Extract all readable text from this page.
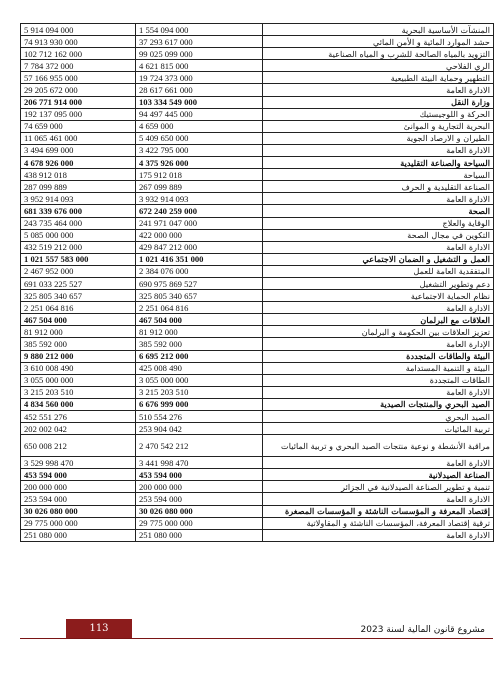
5 914 094 000	1 554 094 000	المنشآت الأساسية البحرية
74 913 930 000	37 293 617 000	حشد الموارد المائية و الأمن المائي
102 712 162 000	99 025 099 000	التزويد بالمياه الصالحة للشرب و المياه الصناعية
7 784 372 000	4 621 815 000	الري الفلاحي
57 166 955 000	19 724 373 000	التطهير وحماية البيئة الطبيعية
29 205 672 000	28 617 661 000	الادارة العامة
206 771 914 000	103 334 549 000	وزارة النقل
192 137 095 000	94 497 445 000	الحركة و اللوجيستيك
74 659 000	4 659 000	البحرية التجارية و الموانئ
11 065 461 000	5 409 650 000	الطيران و الارصاد الجوية
3 494 699 000	3 422 795 000	الادارة العامة
4 678 926 000	4 375 926 000	السياحة والصناعة التقليدية
438 912 018	175 912 018	السياحة
287 099 889	267 099 889	الصناعة التقليدية و الحرف
3 952 914 093	3 932 914 093	الادارة العامة
681 339 676 000	672 240 259 000	الصحة
243 735 464 000	241 971 047 000	الوقاية والعلاج
5 085 000 000	422 000 000	التكوين في مجال الصحة
432 519 212 000	429 847 212 000	الادارة العامة
1 021 557 583 000	1 021 416 351 000	العمل و التشغيل و الضمان الاجتماعي
2 467 952 000	2 384 076 000	المتفقدية العامة للعمل
691 033 225 527	690 975 869 527	دعم وتطوير التشغيل
325 805 340 657	325 805 340 657	نظام الحماية الاجتماعية
2 251 064 816	2 251 064 816	الادارة العامة
467 504 000	467 504 000	العلاقات مع البرلمان
81 912 000	81 912 000	تعزيز العلاقات بين الحكومة و البرلمان
385 592 000	385 592 000	الإدارة العامة
9 880 212 000	6 695 212 000	البيئة والطاقات المتجددة
3 610 008 490	425 008 490	البيئة و التنمية المستدامة
3 055 000 000	3 055 000 000	الطاقات المتجددة
3 215 203 510	3 215 203 510	الادارة العامة
4 834 560 000	6 676 999 000	الصيد البحري والمنتجات الصيدية
452 551 276	510 554 276	الصيد البحري
202 002 042	253 904 042	تربية المائيات
650 008 212	2 470 542 212	مراقبة الأنشطة و نوعية منتجات الصيد البحري و تربية المائيات
3 529 998 470	3 441 998 470	الادارة العامة
453 594 000	453 594 000	الصناعة الصيدلانية
200 000 000	200 000 000	تنمية و تطوير الصناعة الصيدلانية في الجزائر
253 594 000	253 594 000	الادارة العامة
30 026 080 000	30 026 080 000	إقتصاد المعرفة و المؤسسات الناشئة و المؤسسات المصغرة
29 775 000 000	29 775 000 000	ترقية إقتصاد المعرفة، المؤسسات الناشئة و المقاولاتية
251 080 000	251 080 000	الادارة العامة
113	مشروع قانون المالية لسنة 2023
